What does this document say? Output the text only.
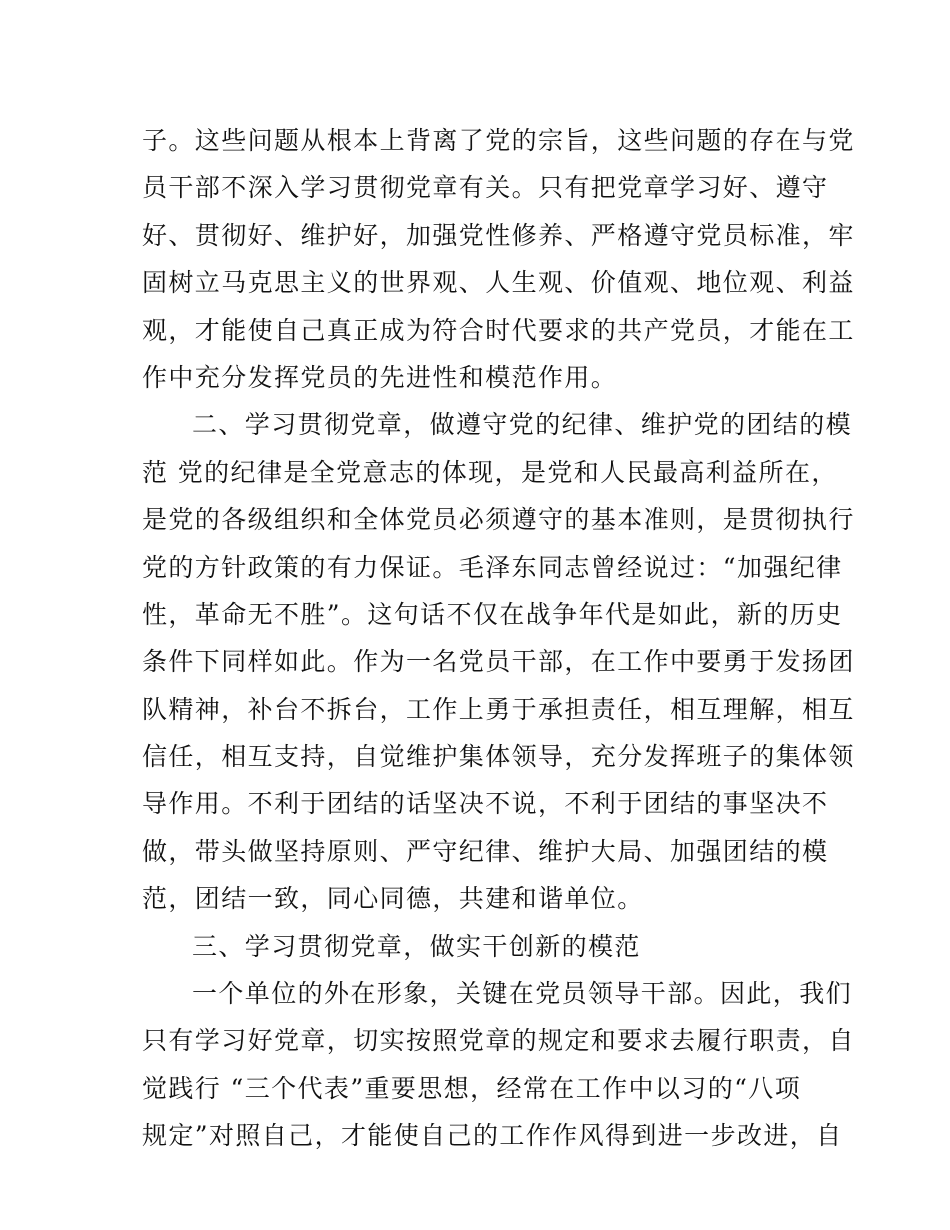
子。这些问题从根本上背离了党的宗旨，这些问题的存在与党
员干部不深入学习贯彻党章有关。只有把党章学习好、遵守
好、贯彻好、维护好，加强党性修养、严格遵守党员标准，牢
固树立马克思主义的世界观、人生观、价值观、地位观、利益
观，才能使自己真正成为符合时代要求的共产党员，才能在工
作中充分发挥党员的先进性和模范作用。
二、学习贯彻党章，做遵守党的纪律、维护党的团结的模
范 党的纪律是全党意志的体现，是党和人民最高利益所在，
是党的各级组织和全体党员必须遵守的基本准则，是贯彻执行
党的方针政策的有力保证。毛泽东同志曾经说过：“加强纪律
性，革命无不胜”。这句话不仅在战争年代是如此，新的历史
条件下同样如此。作为一名党员干部，在工作中要勇于发扬团
队精神，补台不拆台，工作上勇于承担责任，相互理解，相互
信任，相互支持，自觉维护集体领导，充分发挥班子的集体领
导作用。不利于团结的话坚决不说，不利于团结的事坚决不
做，带头做坚持原则、严守纪律、维护大局、加强团结的模
范，团结一致，同心同德，共建和谐单位。
三、学习贯彻党章，做实干创新的模范
一个单位的外在形象，关键在党员领导干部。因此，我们
只有学习好党章，切实按照党章的规定和要求去履行职责，自
觉践行 “三个代表”重要思想，经常在工作中以习的“八项
规定”对照自己，才能使自己的工作作风得到进一步改进，自
